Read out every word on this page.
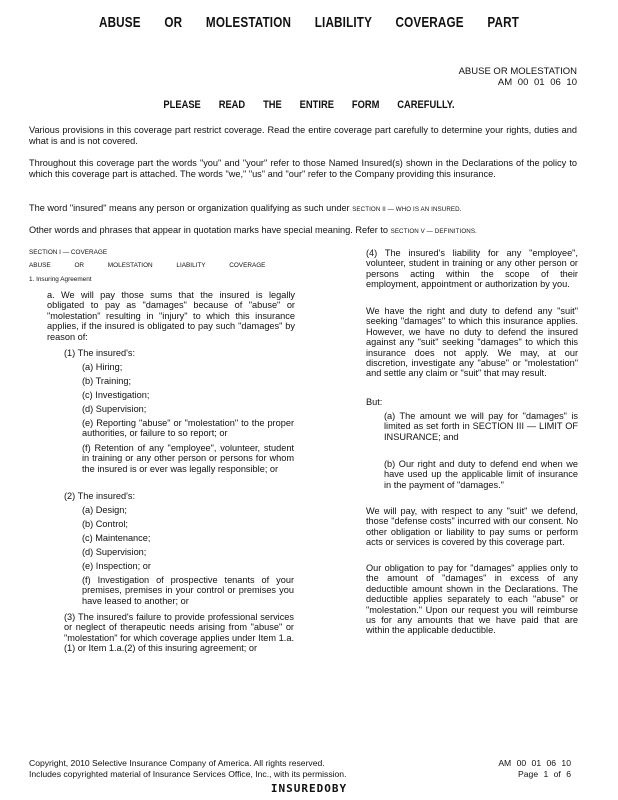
ABUSE OR MOLESTATION LIABILITY COVERAGE PART
ABUSE OR MOLESTATION
AM 00 01 06 10
PLEASE READ THE ENTIRE FORM CAREFULLY.
Various provisions in this coverage part restrict coverage. Read the entire coverage part carefully to determine your rights, duties and what is and is not covered.
Throughout this coverage part the words "you" and "your" refer to those Named Insured(s) shown in the Declarations of the policy to which this coverage part is attached. The words "we," "us" and "our" refer to the Company providing this insurance.
The word "insured" means any person or organization qualifying as such under SECTION II — WHO IS AN INSURED.
Other words and phrases that appear in quotation marks have special meaning. Refer to SECTION V — DEFINITIONS.
SECTION I — COVERAGE
ABUSE OR MOLESTATION LIABILITY COVERAGE
1. Insuring Agreement
a. We will pay those sums that the insured is legally obligated to pay as "damages" because of "abuse" or "molestation" resulting in "injury" to which this insurance applies, if the insured is obligated to pay such "damages" by reason of:
(1) The insured's:
(a) Hiring;
(b) Training;
(c) Investigation;
(d) Supervision;
(e) Reporting "abuse" or "molestation" to the proper authorities, or failure to so report; or
(f) Retention of any "employee", volunteer, student in training or any other person or persons for whom the insured is or ever was legally responsible; or
(2) The insured's:
(a) Design;
(b) Control;
(c) Maintenance;
(d) Supervision;
(e) Inspection; or
(f) Investigation of prospective tenants of your premises, premises in your control or premises you have leased to another; or
(3) The insured's failure to provide professional services or neglect of therapeutic needs arising from "abuse" or "molestation" for which coverage applies under Item 1.a.(1) or Item 1.a.(2) of this insuring agreement; or
(4) The insured's liability for any "employee", volunteer, student in training or any other person or persons acting within the scope of their employment, appointment or authorization by you.
We have the right and duty to defend any "suit" seeking "damages" to which this insurance applies. However, we have no duty to defend the insured against any "suit" seeking "damages" to which this insurance does not apply. We may, at our discretion, investigate any "abuse" or "molestation" and settle any claim or "suit" that may result.
But:
(a) The amount we will pay for "damages" is limited as set forth in SECTION III — LIMIT OF INSURANCE; and
(b) Our right and duty to defend end when we have used up the applicable limit of insurance in the payment of "damages."
We will pay, with respect to any "suit" we defend, those "defense costs" incurred with our consent. No other obligation or liability to pay sums or perform acts or services is covered by this coverage part.
Our obligation to pay for "damages" applies only to the amount of "damages" in excess of any deductible amount shown in the Declarations. The deductible applies separately to each "abuse" or "molestation." Upon our request you will reimburse us for any amounts that we have paid that are within the applicable deductible.
Copyright, 2010 Selective Insurance Company of America. All rights reserved.
Includes copyrighted material of Insurance Services Office, Inc., with its permission.
AM 00 01 06 10
Page 1 of 6
INSUREDOBY
